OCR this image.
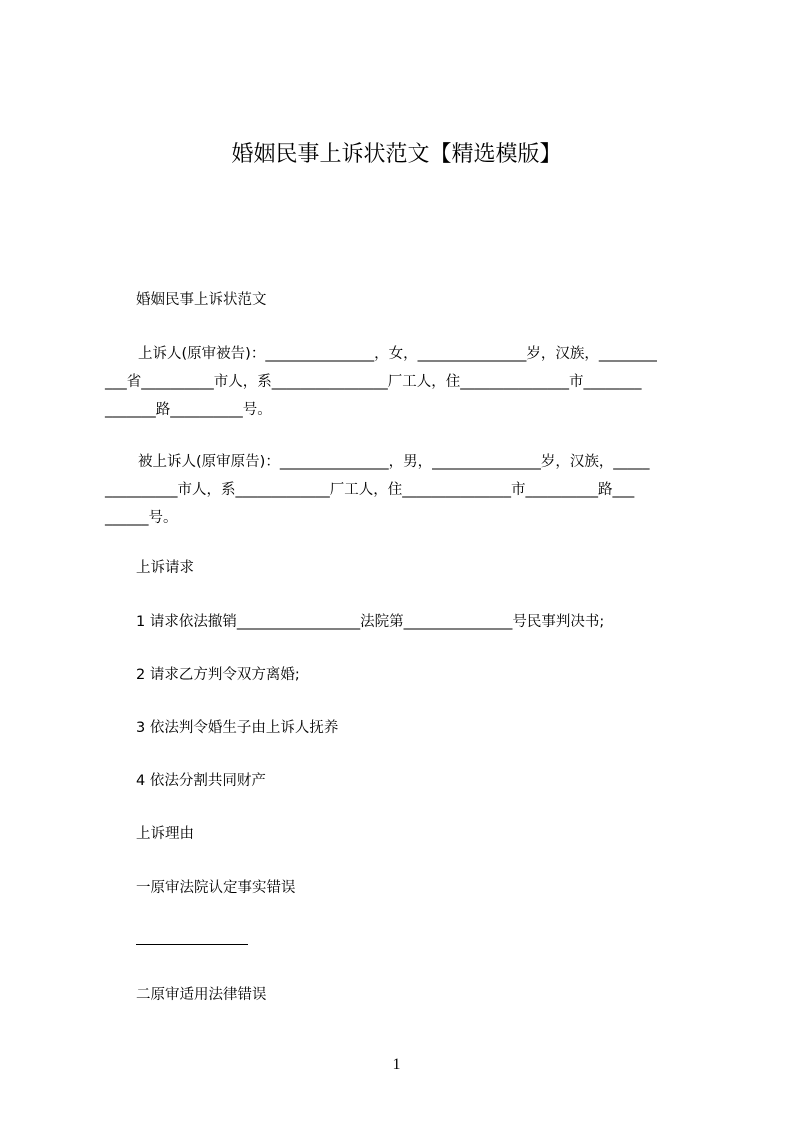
婚姻民事上诉状范文【精选模版】
婚姻民事上诉状范文
上诉人(原审被告)：_______________，女，_______________岁，汉族，________
___省__________市人，系________________厂工人，住_______________市________
_______路__________号。
被上诉人(原审原告)：_______________，男，_______________岁，汉族，_____
__________市人，系_____________厂工人，住_______________市__________路___
______号。
上诉请求
1 请求依法撤销_________________法院第_______________号民事判决书;
2 请求乙方判令双方离婚;
3 依法判令婚生子由上诉人抚养
4 依法分割共同财产
上诉理由
一原审法院认定事实错误
二原审适用法律错误
1
